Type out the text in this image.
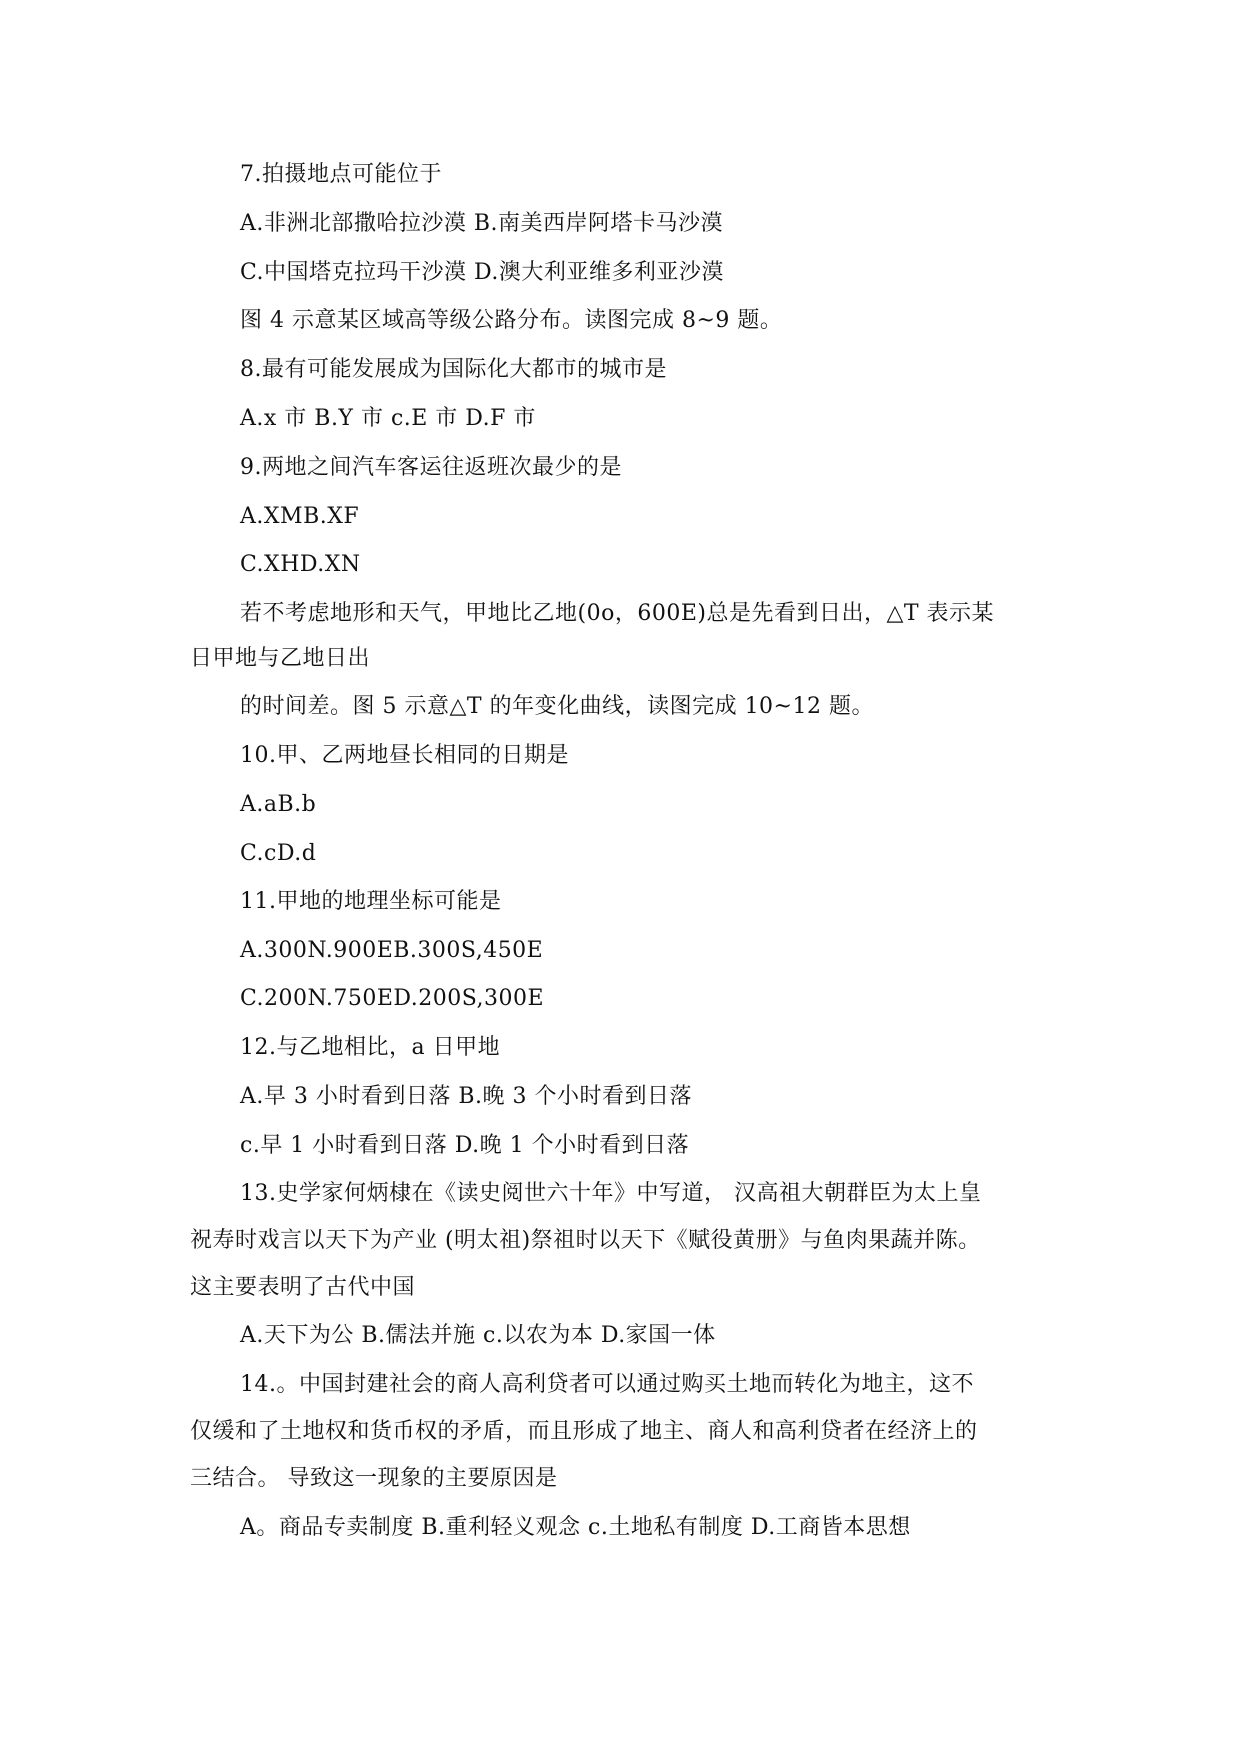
7.拍摄地点可能位于
A.非洲北部撒哈拉沙漠 B.南美西岸阿塔卡马沙漠
C.中国塔克拉玛干沙漠 D.澳大利亚维多利亚沙漠
图 4 示意某区域高等级公路分布。读图完成 8~9 题。
8.最有可能发展成为国际化大都市的城市是
A.x 市 B.Y 市 c.E 市 D.F 市
9.两地之间汽车客运往返班次最少的是
A.XMB.XF
C.XHD.XN
若不考虑地形和天气，甲地比乙地(0o，600E)总是先看到日出，△T 表示某
日甲地与乙地日出
的时间差。图 5 示意△T 的年变化曲线，读图完成 10~12 题。
10.甲、乙两地昼长相同的日期是
A.aB.b
C.cD.d
11.甲地的地理坐标可能是
A.300N.900EB.300S,450E
C.200N.750ED.200S,300E
12.与乙地相比，a 日甲地
A.早 3 小时看到日落 B.晚 3 个小时看到日落
c.早 1 小时看到日落 D.晚 1 个小时看到日落
13.史学家何炳棣在《读史阅世六十年》中写道， 汉高祖大朝群臣为太上皇
祝寿时戏言以天下为产业 (明太祖)祭祖时以天下《赋役黄册》与鱼肉果蔬并陈。
这主要表明了古代中国
A.天下为公 B.儒法并施 c.以农为本 D.家国一体
14.。中国封建社会的商人高利贷者可以通过购买土地而转化为地主，这不
仅缓和了土地权和货币权的矛盾，而且形成了地主、商人和高利贷者在经济上的
三结合。 导致这一现象的主要原因是
A。商品专卖制度 B.重利轻义观念 c.土地私有制度 D.工商皆本思想
